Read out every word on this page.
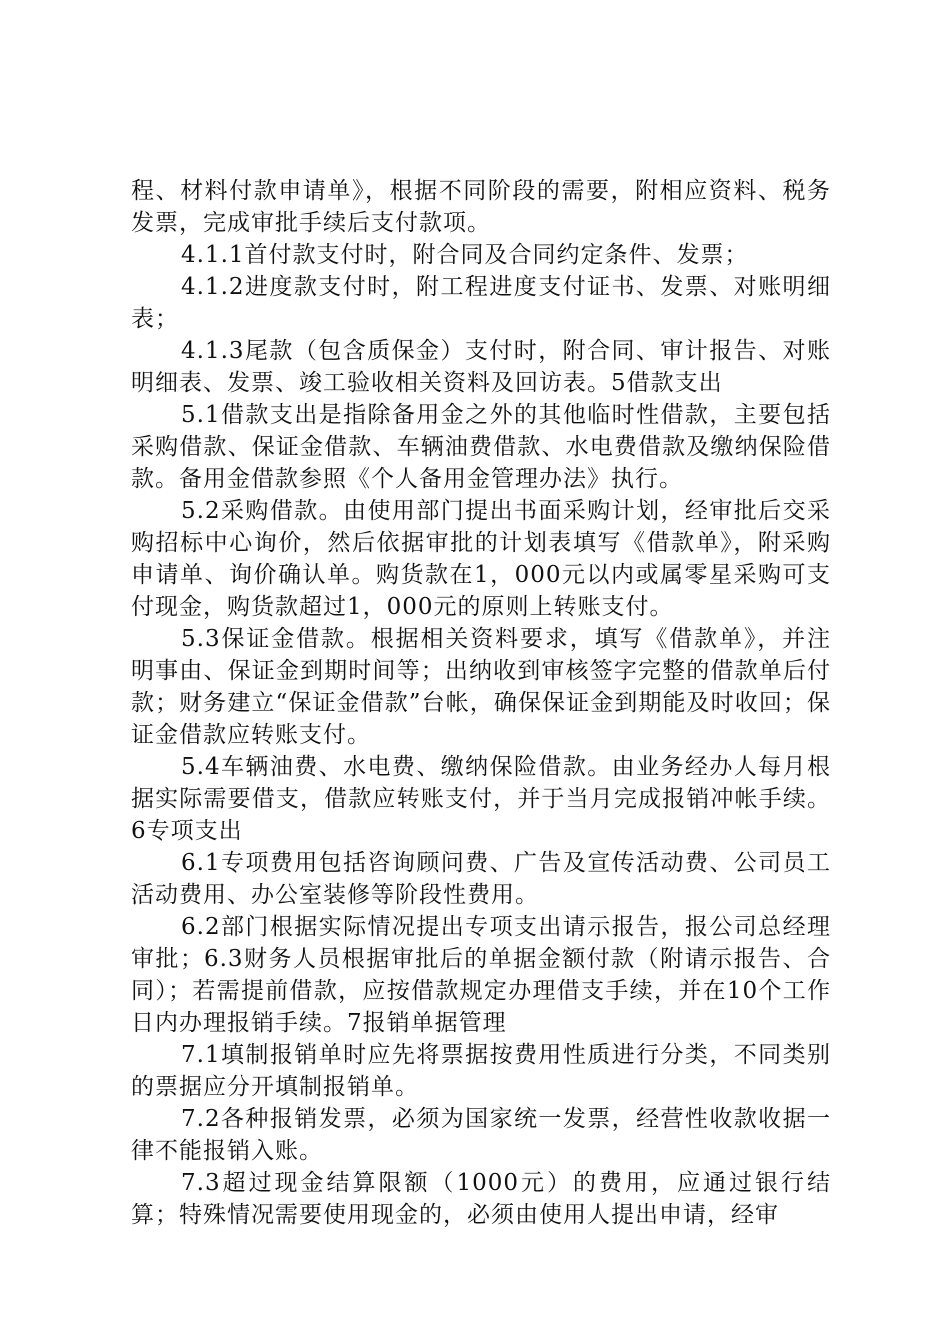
程、材料付款申请单》，根据不同阶段的需要，附相应资料、税务发票，完成审批手续后支付款项。

4.1.1首付款支付时，附合同及合同约定条件、发票；

4.1.2进度款支付时，附工程进度支付证书、发票、对账明细表；

4.1.3尾款（包含质保金）支付时，附合同、审计报告、对账明细表、发票、竣工验收相关资料及回访表。5借款支出

5.1借款支出是指除备用金之外的其他临时性借款，主要包括采购借款、保证金借款、车辆油费借款、水电费借款及缴纳保险借款。备用金借款参照《个人备用金管理办法》执行。

5.2采购借款。由使用部门提出书面采购计划，经审批后交采购招标中心询价，然后依据审批的计划表填写《借款单》，附采购申请单、询价确认单。购货款在1，000元以内或属零星采购可支付现金，购货款超过1，000元的原则上转账支付。

5.3保证金借款。根据相关资料要求，填写《借款单》，并注明事由、保证金到期时间等；出纳收到审核签字完整的借款单后付款；财务建立“保证金借款”台帐，确保保证金到期能及时收回；保证金借款应转账支付。

5.4车辆油费、水电费、缴纳保险借款。由业务经办人每月根据实际需要借支，借款应转账支付，并于当月完成报销冲帐手续。6专项支出

6.1专项费用包括咨询顾问费、广告及宣传活动费、公司员工活动费用、办公室装修等阶段性费用。

6.2部门根据实际情况提出专项支出请示报告，报公司总经理审批；6.3财务人员根据审批后的单据金额付款（附请示报告、合同）；若需提前借款，应按借款规定办理借支手续，并在10个工作日内办理报销手续。7报销单据管理

7.1填制报销单时应先将票据按费用性质进行分类，不同类别的票据应分开填制报销单。

7.2各种报销发票，必须为国家统一发票，经营性收款收据一律不能报销入账。

7.3超过现金结算限额（1000元）的费用，应通过银行结算；特殊情况需要使用现金的，必须由使用人提出申请，经审
